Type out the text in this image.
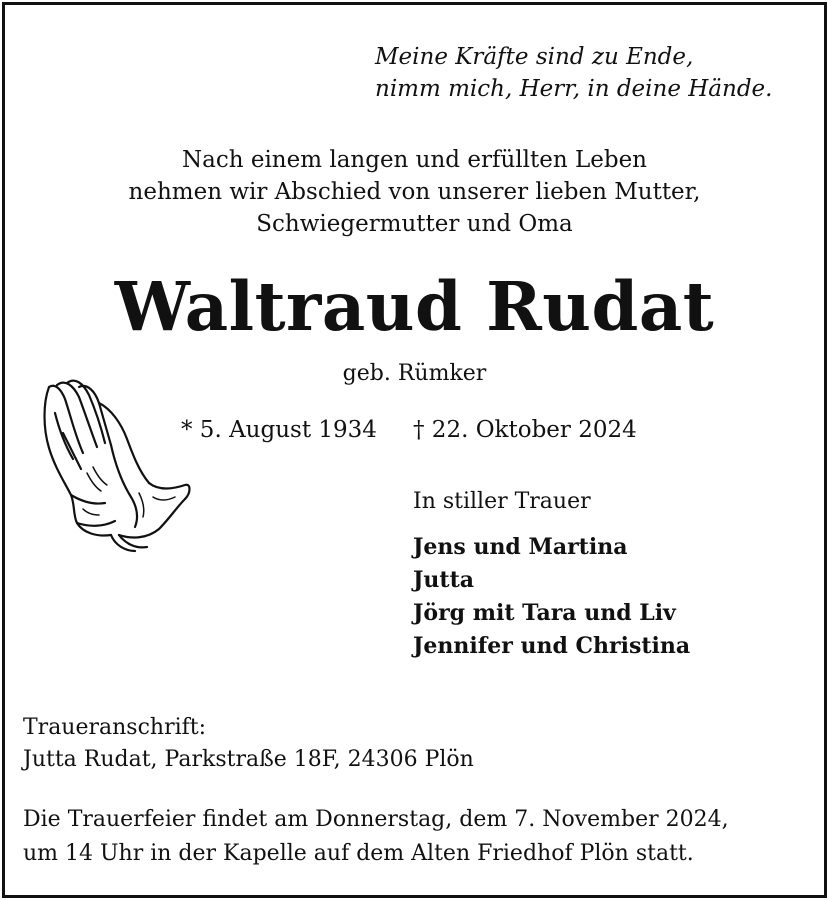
Meine Kräfte sind zu Ende,
nimm mich, Herr, in deine Hände.
Nach einem langen und erfüllten Leben
nehmen wir Abschied von unserer lieben Mutter,
Schwiegermutter und Oma
Waltraud Rudat
geb. Rümker
* 5. August 1934 † 22. Oktober 2024
In stiller Trauer
Jens und Martina
Jutta
Jörg mit Tara und Liv
Jennifer und Christina
Traueranschrift:
Jutta Rudat, Parkstraße 18F, 24306 Plön
Die Trauerfeier findet am Donnerstag, dem 7. November 2024,
um 14 Uhr in der Kapelle auf dem Alten Friedhof Plön statt.
